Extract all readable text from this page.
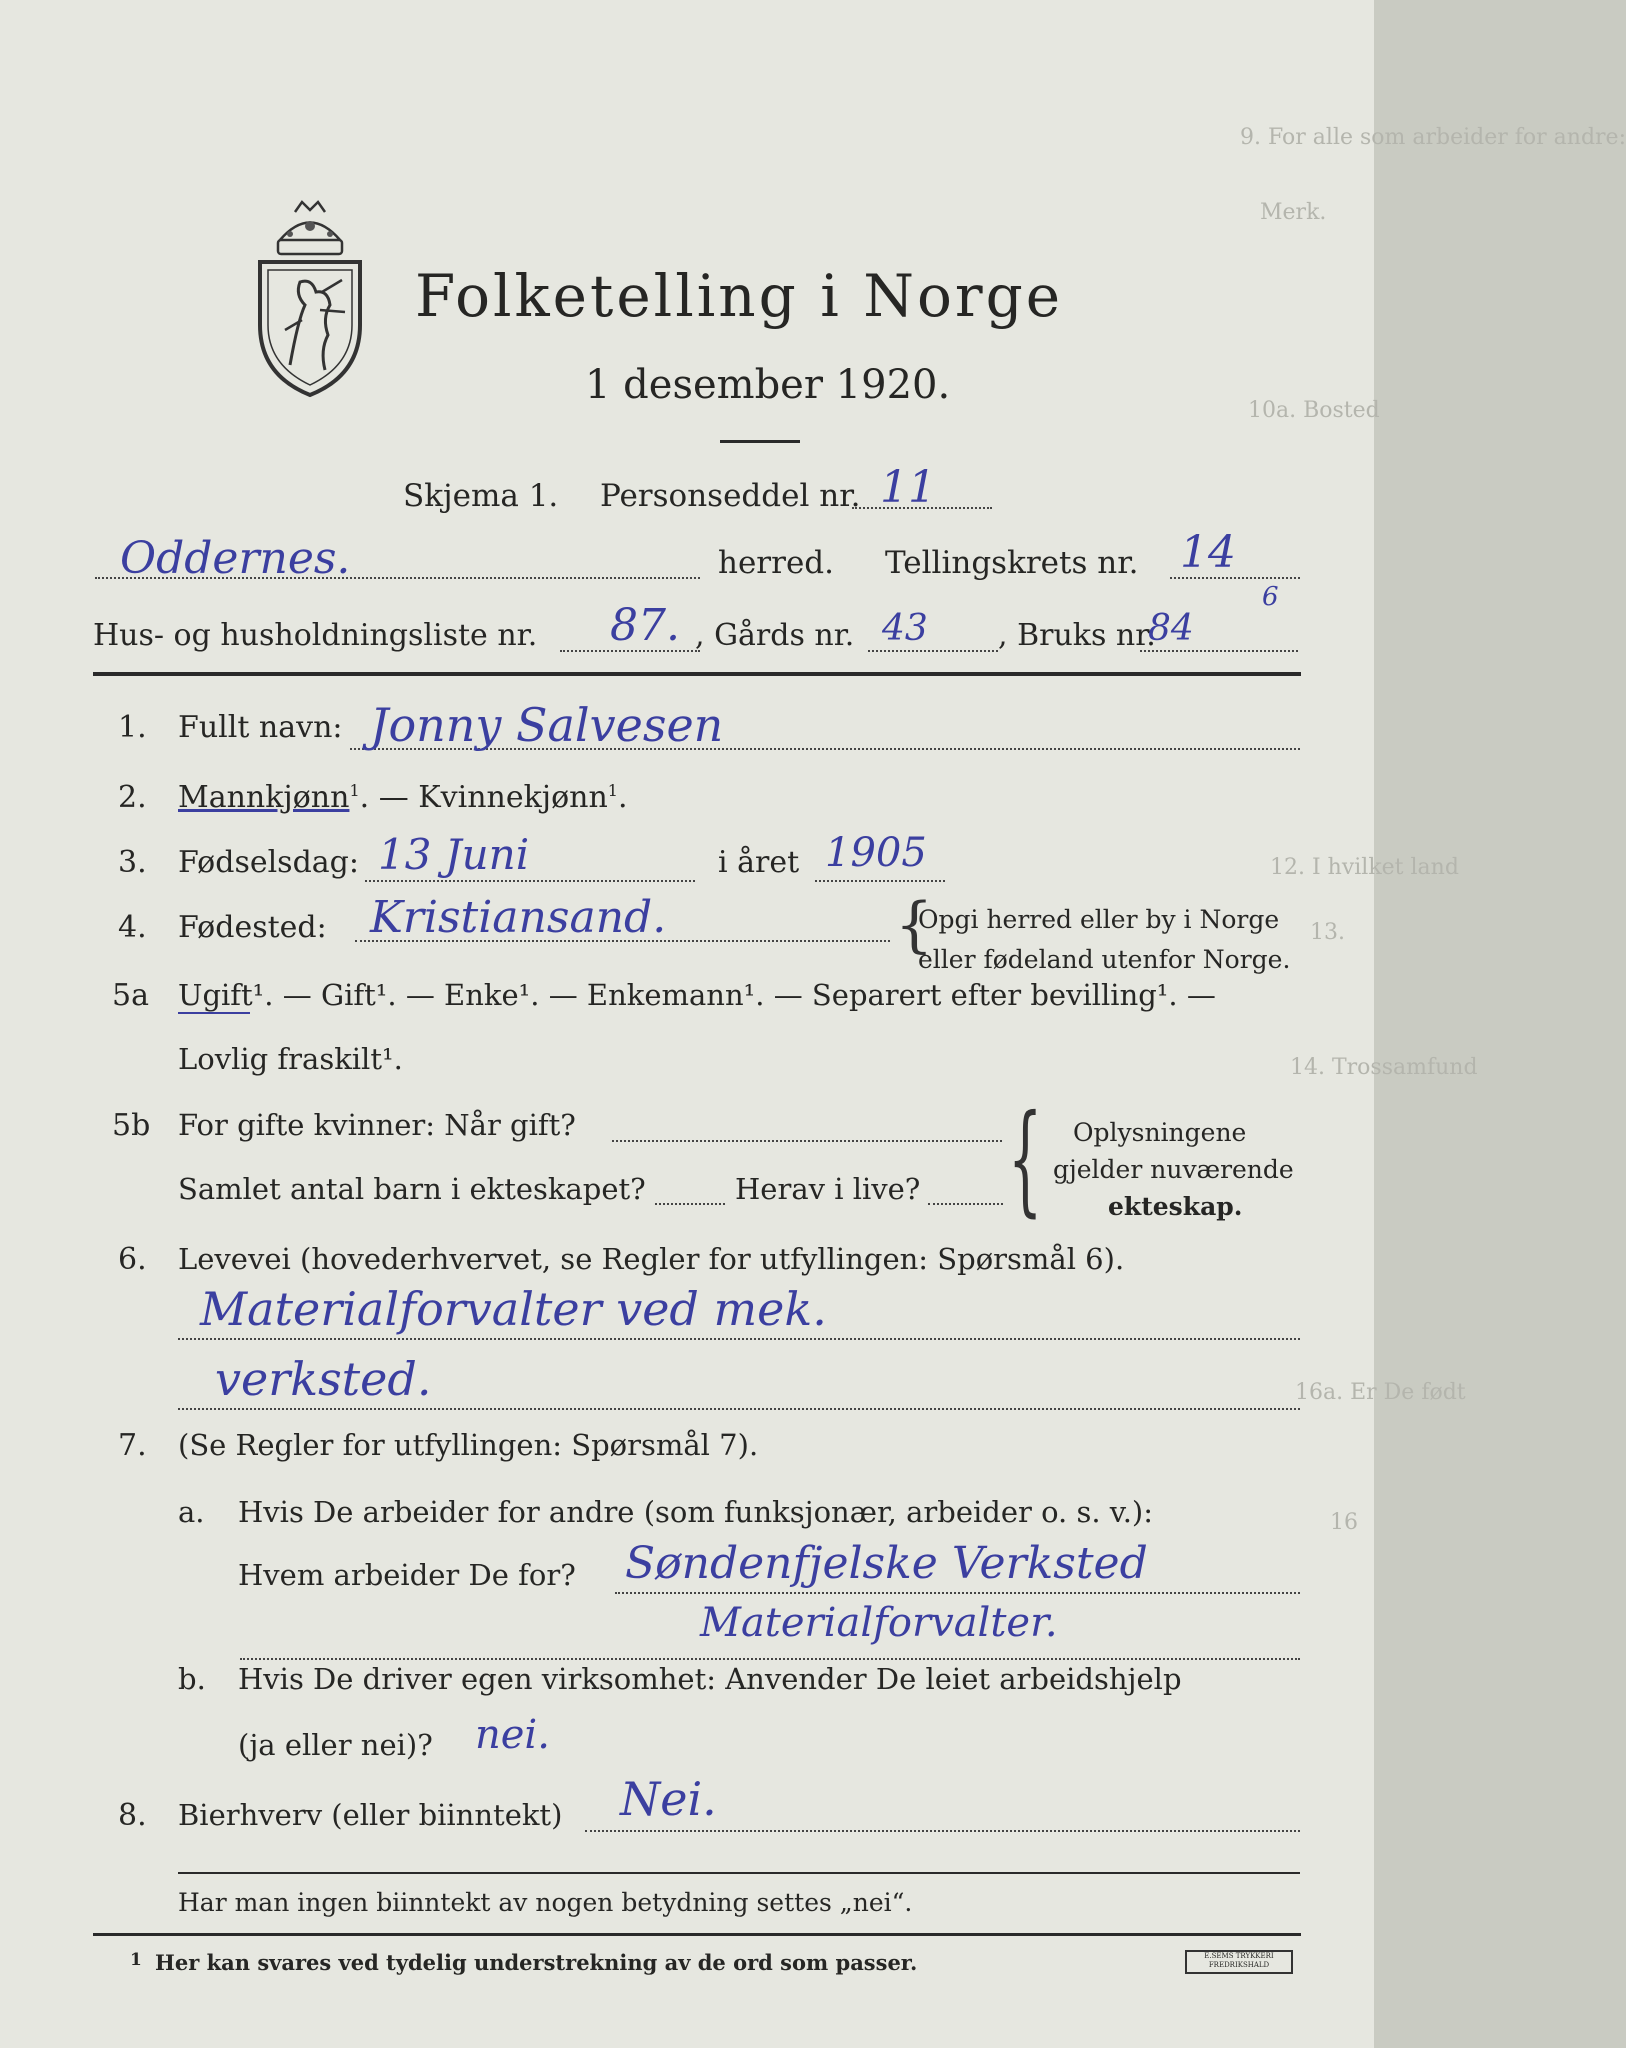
9. For alle som arbeider for andre:
Merk.
10a. Bosted
12. I hvilket land
13.
14. Trossamfund
16a. Er De født
16
Folketelling i Norge
1 desember 1920.
Skjema 1. Personseddel nr. 11
Oddernes.	herred. Tellingskrets nr. 14
Hus- og husholdningsliste nr. 87. , Gårds nr. 43 , Bruks nr.
84
6
1. Fullt navn: Jonny Salvesen
2. Mannkjønn$^1$. — Kvinnekjønn$^1$.
3. Fødselsdag: 13 Juni	i året 1905
4. Fødested: Kristiansand.	{
Opgi herred eller by i Norge
eller fødeland utenfor Norge.
5a Ugift¹. — Gift¹. — Enke¹. — Enkemann¹. — Separert efter bevilling¹. —
Lovlig fraskilt¹.
5b For gifte kvinner: Når gift?
Samlet antal barn i ekteskapet?	Herav i live? { Oplysningene
gjelder nuværende
ekteskap.
6. Levevei (hovederhvervet, se Regler for utfyllingen: Spørsmål 6).
Materialforvalter ved mek.
verksted.
7. (Se Regler for utfyllingen: Spørsmål 7).
a. Hvis De arbeider for andre (som funksjonær, arbeider o. s. v.):
Hvem arbeider De for? Søndenfjelske Verksted
Materialforvalter.
b. Hvis De driver egen virksomhet: Anvender De leiet arbeidshjelp
(ja eller nei)? nei.
8. Bierhverv (eller biinntekt) Nei.
Har man ingen biinntekt av nogen betydning settes „nei“.
1 Her kan svares ved tydelig understrekning av de ord som passer.	E.SEMS TRYKKERI FREDRIKSHALD
